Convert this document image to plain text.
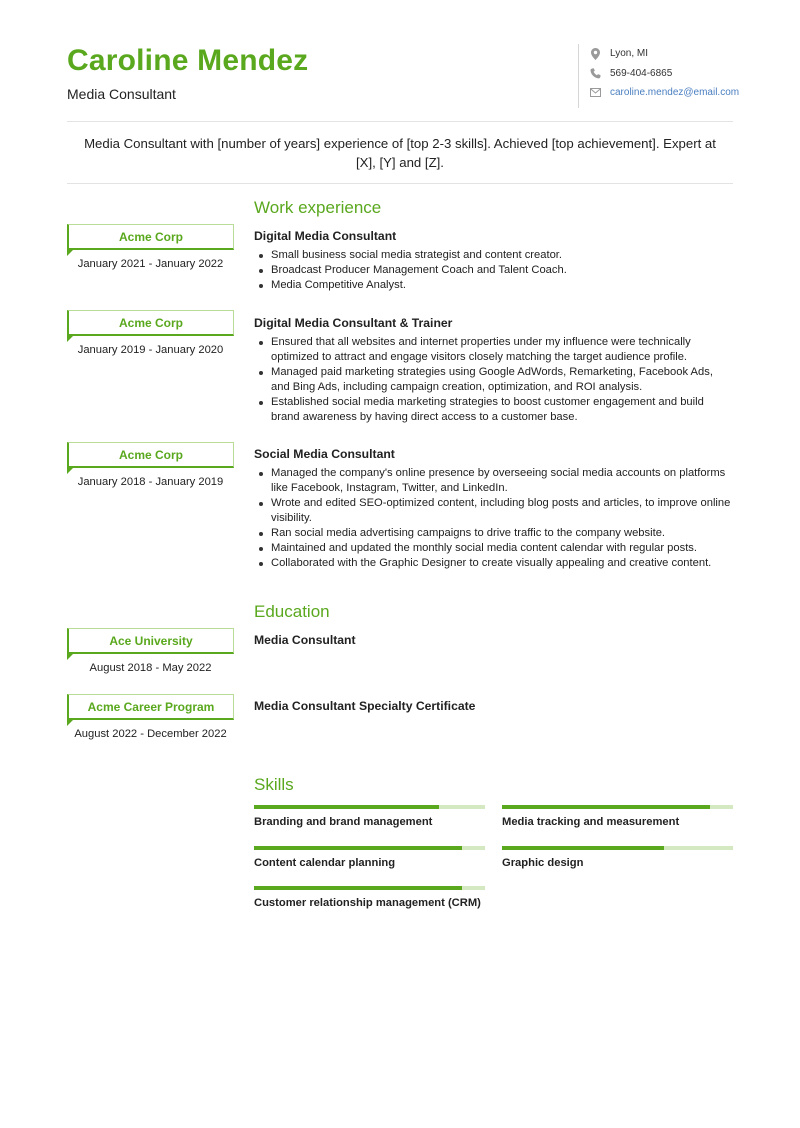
Caroline Mendez
Media Consultant
Lyon, MI
569-404-6865
caroline.mendez@email.com
Media Consultant with [number of years] experience of [top 2-3 skills]. Achieved [top achievement]. Expert at [X], [Y] and [Z].
Work experience
Acme Corp
January 2021 - January 2022
Digital Media Consultant
Small business social media strategist and content creator.
Broadcast Producer Management Coach and Talent Coach.
Media Competitive Analyst.
Acme Corp
January 2019 - January 2020
Digital Media Consultant & Trainer
Ensured that all websites and internet properties under my influence were technically optimized to attract and engage visitors closely matching the target audience profile.
Managed paid marketing strategies using Google AdWords, Remarketing, Facebook Ads, and Bing Ads, including campaign creation, optimization, and ROI analysis.
Established social media marketing strategies to boost customer engagement and build brand awareness by having direct access to a customer base.
Acme Corp
January 2018 - January 2019
Social Media Consultant
Managed the company's online presence by overseeing social media accounts on platforms like Facebook, Instagram, Twitter, and LinkedIn.
Wrote and edited SEO-optimized content, including blog posts and articles, to improve online visibility.
Ran social media advertising campaigns to drive traffic to the company website.
Maintained and updated the monthly social media content calendar with regular posts.
Collaborated with the Graphic Designer to create visually appealing and creative content.
Education
Ace University
August 2018 - May 2022
Media Consultant
Acme Career Program
August 2022 - December 2022
Media Consultant Specialty Certificate
Skills
Branding and brand management	Media tracking and measurement
Content calendar planning	Graphic design
Customer relationship management (CRM)
